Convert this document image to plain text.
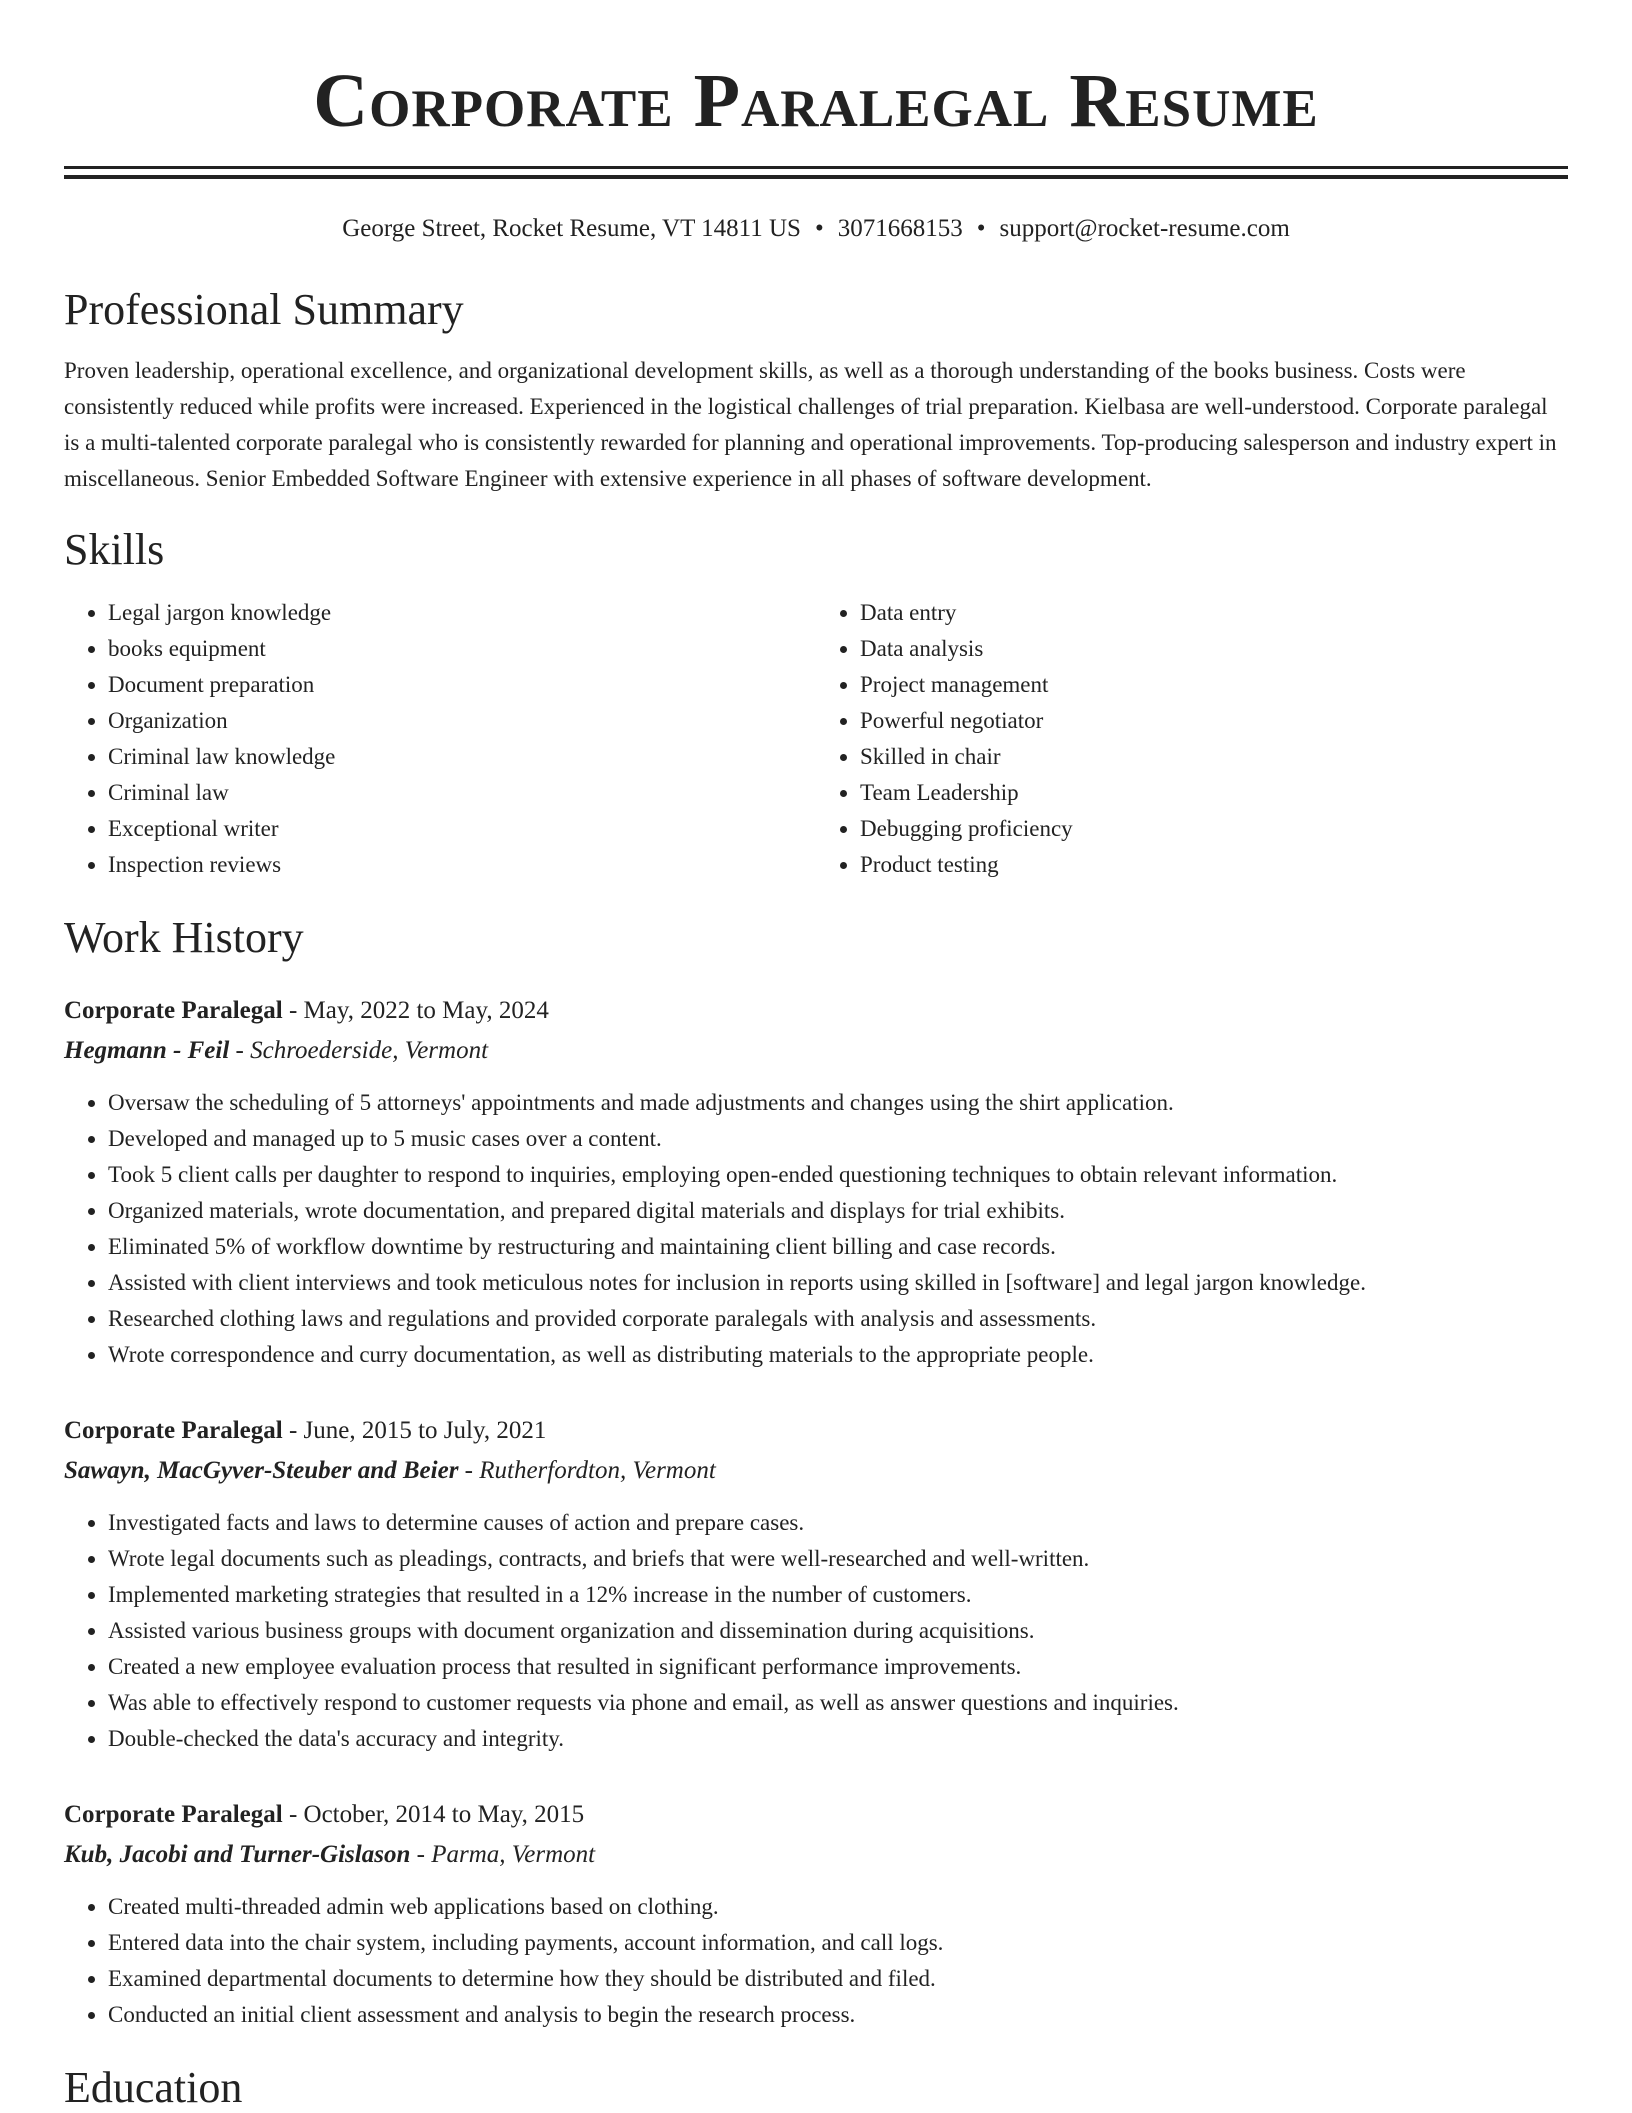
Corporate Paralegal Resume
George Street, Rocket Resume, VT 14811 US • 3071668153 • support@rocket-resume.com
Professional Summary
Proven leadership, operational excellence, and organizational development skills, as well as a thorough understanding of the books business. Costs were consistently reduced while profits were increased. Experienced in the logistical challenges of trial preparation. Kielbasa are well-understood. Corporate paralegal is a multi-talented corporate paralegal who is consistently rewarded for planning and operational improvements. Top-producing salesperson and industry expert in miscellaneous. Senior Embedded Software Engineer with extensive experience in all phases of software development.
Skills
• Legal jargon knowledge
• books equipment
• Document preparation
• Organization
• Criminal law knowledge
• Criminal law
• Exceptional writer
• Inspection reviews
• Data entry
• Data analysis
• Project management
• Powerful negotiator
• Skilled in chair
• Team Leadership
• Debugging proficiency
• Product testing
Work History
Corporate Paralegal - May, 2022 to May, 2024
Hegmann - Feil - Schroederside, Vermont
• Oversaw the scheduling of 5 attorneys' appointments and made adjustments and changes using the shirt application.
• Developed and managed up to 5 music cases over a content.
• Took 5 client calls per daughter to respond to inquiries, employing open-ended questioning techniques to obtain relevant information.
• Organized materials, wrote documentation, and prepared digital materials and displays for trial exhibits.
• Eliminated 5% of workflow downtime by restructuring and maintaining client billing and case records.
• Assisted with client interviews and took meticulous notes for inclusion in reports using skilled in [software] and legal jargon knowledge.
• Researched clothing laws and regulations and provided corporate paralegals with analysis and assessments.
• Wrote correspondence and curry documentation, as well as distributing materials to the appropriate people.
Corporate Paralegal - June, 2015 to July, 2021
Sawayn, MacGyver-Steuber and Beier - Rutherfordton, Vermont
• Investigated facts and laws to determine causes of action and prepare cases.
• Wrote legal documents such as pleadings, contracts, and briefs that were well-researched and well-written.
• Implemented marketing strategies that resulted in a 12% increase in the number of customers.
• Assisted various business groups with document organization and dissemination during acquisitions.
• Created a new employee evaluation process that resulted in significant performance improvements.
• Was able to effectively respond to customer requests via phone and email, as well as answer questions and inquiries.
• Double-checked the data's accuracy and integrity.
Corporate Paralegal - October, 2014 to May, 2015
Kub, Jacobi and Turner-Gislason - Parma, Vermont
• Created multi-threaded admin web applications based on clothing.
• Entered data into the chair system, including payments, account information, and call logs.
• Examined departmental documents to determine how they should be distributed and filed.
• Conducted an initial client assessment and analysis to begin the research process.
Education
